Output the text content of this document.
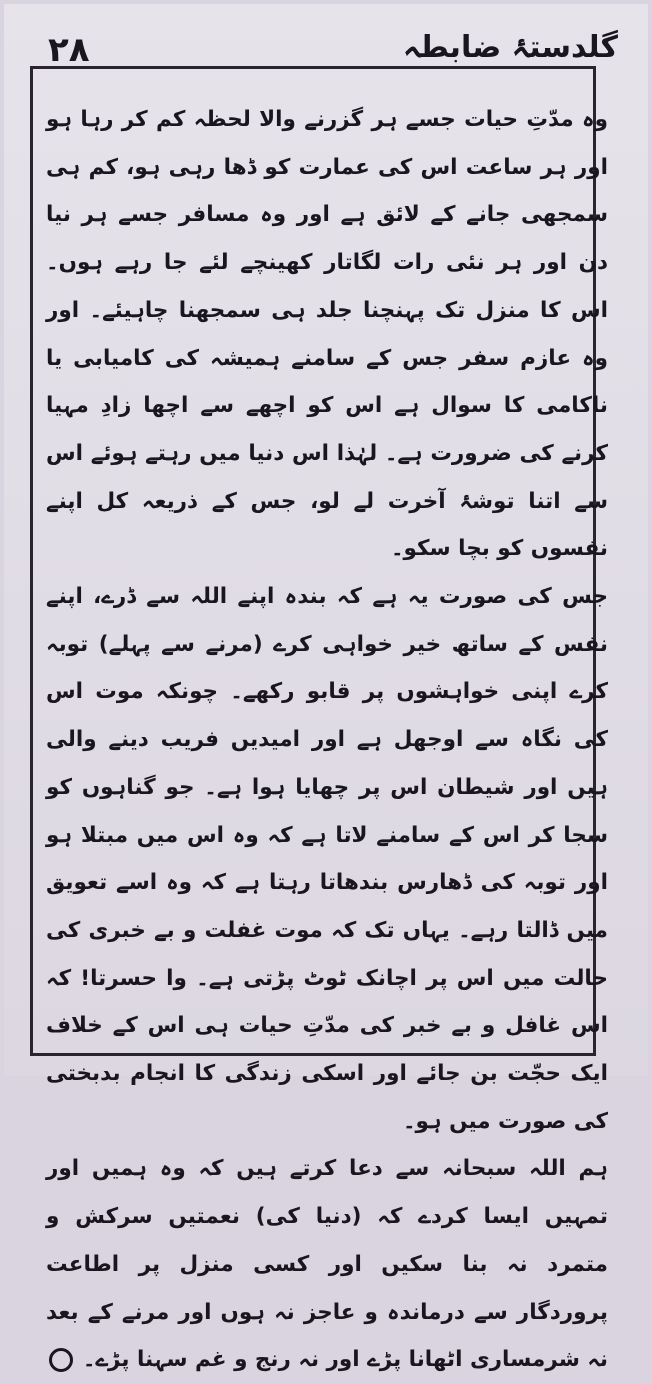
۲۸	گلدستۂ ضابطہ

وہ مدّتِ حیات جسے ہر گزرنے والا لحظہ کم کر رہا ہو اور ہر ساعت اس کی عمارت کو ڈھا رہی ہو، کم ہی سمجھی جانے کے لائق ہے اور وہ مسافر جسے ہر نیا دن اور ہر نئی رات لگاتار کھینچے لئے جا رہے ہوں۔ اس کا منزل تک پہنچنا جلد ہی سمجھنا چاہیئے۔ اور وہ عازم سفر جس کے سامنے ہمیشہ کی کامیابی یا ناکامی کا سوال ہے اس کو اچھے سے اچھا زادِ مہیا کرنے کی ضرورت ہے۔ لہٰذا اس دنیا میں رہتے ہوئے اس سے اتنا توشۂ آخرت لے لو، جس کے ذریعہ کل اپنے نفسوں کو بچا سکو۔

جس کی صورت یہ ہے کہ بندہ اپنے اللہ سے ڈرے، اپنے نفس کے ساتھ خیر خواہی کرے (مرنے سے پہلے) توبہ کرے اپنی خواہشوں پر قابو رکھے۔ چونکہ موت اس کی نگاہ سے اوجھل ہے اور امیدیں فریب دینے والی ہیں اور شیطان اس پر چھایا ہوا ہے۔ جو گناہوں کو سجا کر اس کے سامنے لاتا ہے کہ وہ اس میں مبتلا ہو اور توبہ کی ڈھارس بندھاتا رہتا ہے کہ وہ اسے تعویق میں ڈالتا رہے۔ یہاں تک کہ موت غفلت و بے خبری کی حالت میں اس پر اچانک ٹوٹ پڑتی ہے۔ وا حسرتا! کہ اس غافل و بے خبر کی مدّتِ حیات ہی اس کے خلاف ایک حجّت بن جائے اور اسکی زندگی کا انجام بدبختی کی صورت میں ہو۔

ہم اللہ سبحانہ سے دعا کرتے ہیں کہ وہ ہمیں اور تمہیں ایسا کردے کہ (دنیا کی) نعمتیں سرکش و متمرد نہ بنا سکیں اور کسی منزل پر اطاعت پروردگار سے درماندہ و عاجز نہ ہوں اور مرنے کے بعد نہ شرمساری اٹھانا پڑے اور نہ رنج و غم سہنا پڑے۔
